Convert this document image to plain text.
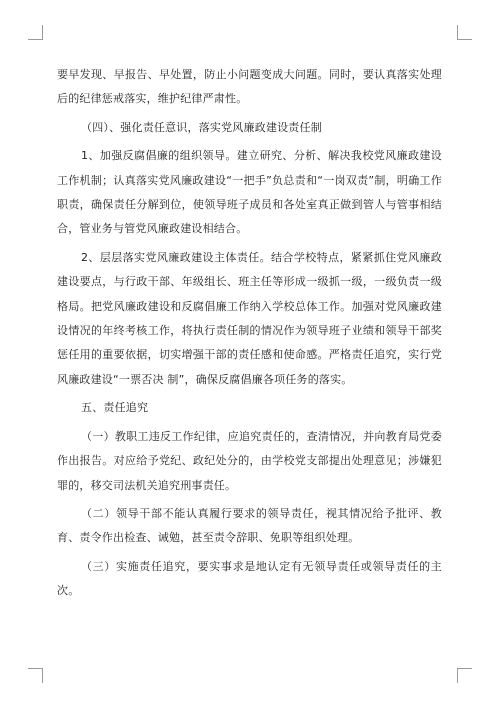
要早发现、早报告、早处置，防止小问题变成大问题。同时，要认真落实处理后的纪律惩戒落实，维护纪律严肃性。

（四）、强化责任意识，落实党风廉政建设责任制

1、加强反腐倡廉的组织领导。建立研究、分析、解决我校党风廉政建设工作机制；认真落实党风廉政建设“一把手”负总责和“一岗双责”制，明确工作职责，确保责任分解到位，使领导班子成员和各处室真正做到管人与管事相结 合，管业务与管党风廉政建设相结合。

2、层层落实党风廉政建设主体责任。结合学校特点，紧紧抓住党风廉政建设要点，与行政干部、年级组长、班主任等形成一级抓一级，一级负责一级格局。把党风廉政建设和反腐倡廉工作纳入学校总体工作。加强对党风廉政建设情况的年终考核工作，将执行责任制的情况作为领导班子业绩和领导干部奖惩任用的重要依据，切实增强干部的责任感和使命感。严格责任追究，实行党风廉政建设“一票否决 制”，确保反腐倡廉各项任务的落实。

五、责任追究

（一）教职工违反工作纪律，应追究责任的，查清情况，并向教育局党委作出报告。对应给予党纪、政纪处分的，由学校党支部提出处理意见；涉嫌犯罪的，移交司法机关追究刑事责任。

（二）领导干部不能认真履行要求的领导责任，视其情况给予批评、教育、责令作出检查、诫勉，甚至责令辞职、免职等组织处理。

（三）实施责任追究，要实事求是地认定有无领导责任或领导责任的主次。
